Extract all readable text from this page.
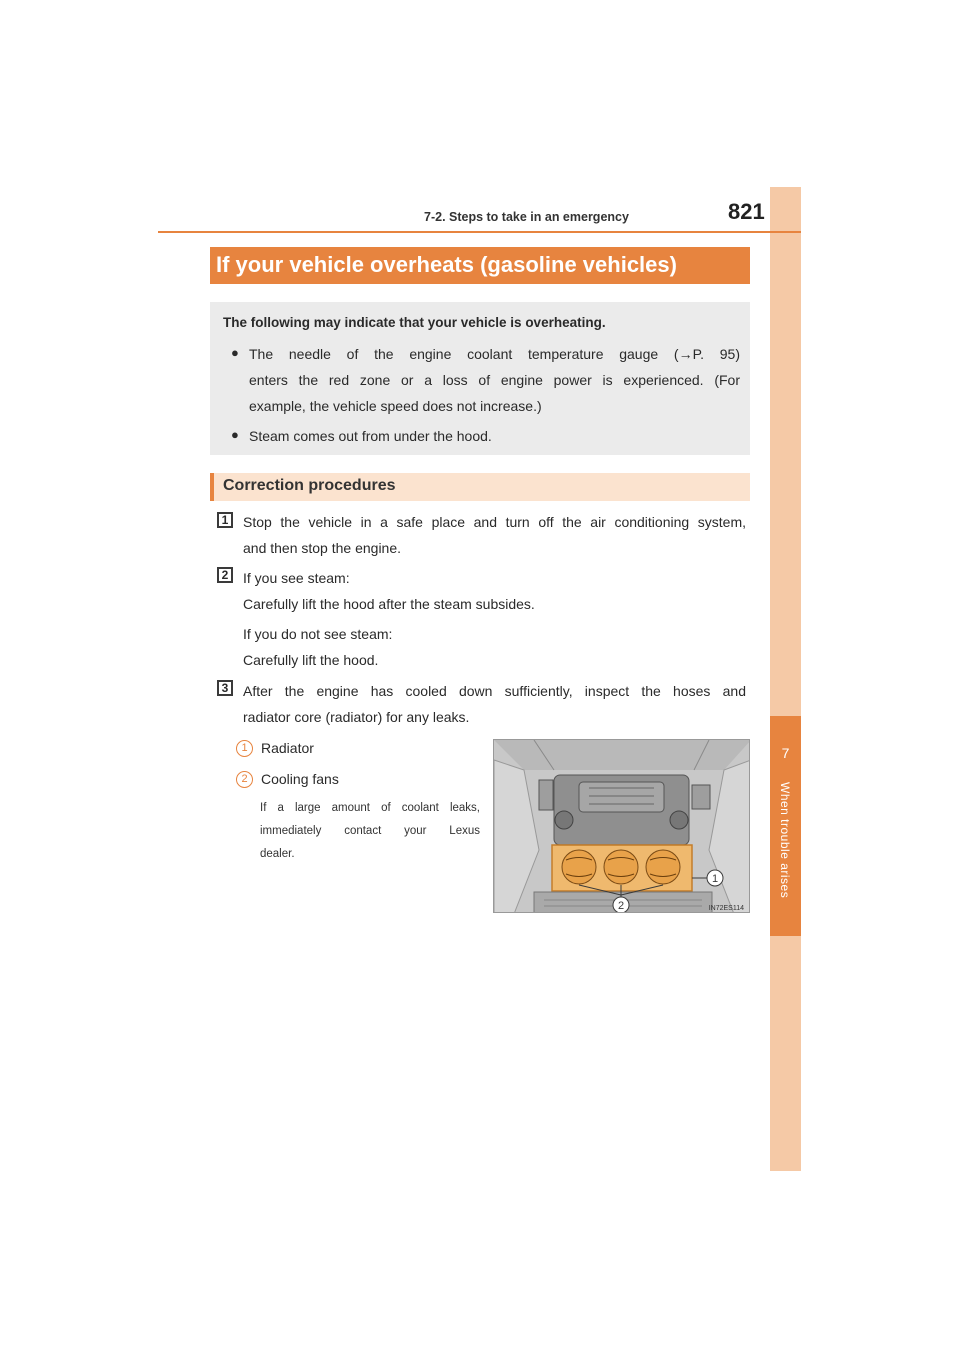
7
When trouble arises
7-2. Steps to take in an emergency	821
If your vehicle overheats (gasoline vehicles)
The following may indicate that your vehicle is overheating.
● The needle of the engine coolant temperature gauge (→P. 95)
enters the red zone or a loss of engine power is experienced. (For
example, the vehicle speed does not increase.)
● Steam comes out from under the hood.
Correction procedures
1	Stop the vehicle in a safe place and turn off the air conditioning system,
and then stop the engine.
2	If you see steam:
Carefully lift the hood after the steam subsides.
If you do not see steam:
Carefully lift the hood.
3	After the engine has cooled down sufficiently, inspect the hoses and
radiator core (radiator) for any leaks.
1 Radiator
2 Cooling fans
If a large amount of coolant leaks,
immediately contact your Lexus
dealer.
1
2	IN72ES114
